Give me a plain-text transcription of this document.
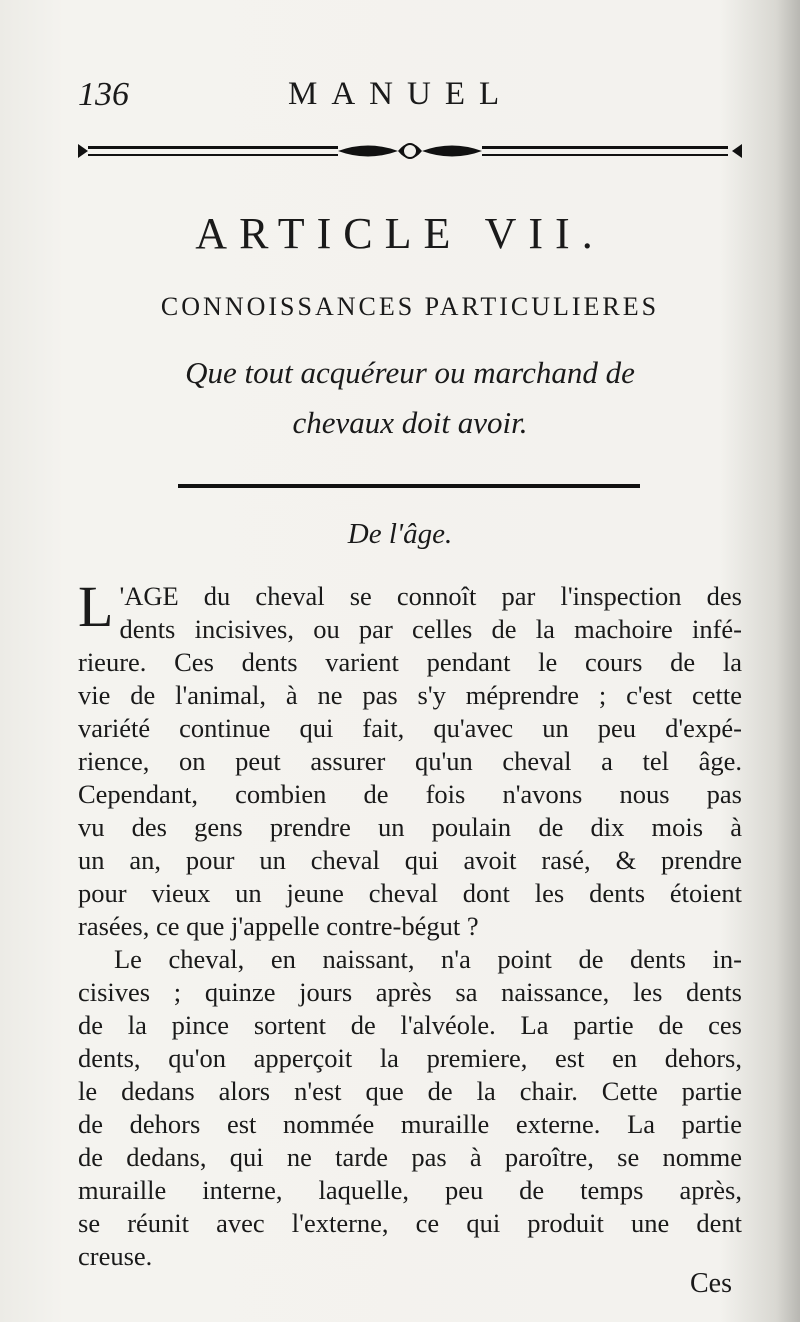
136	MANUEL
ARTICLE VII.
CONNOISSANCES PARTICULIERES
Que tout acquéreur ou marchand de
chevaux doit avoir.
De l'âge.
L 'AGE du cheval se connoît par l'inspection des
dents incisives, ou par celles de la machoire infé-
rieure. Ces dents varient pendant le cours de la
vie de l'animal, à ne pas s'y méprendre ; c'est cette
variété continue qui fait, qu'avec un peu d'expé-
rience, on peut assurer qu'un cheval a tel âge.
Cependant, combien de fois n'avons nous pas
vu des gens prendre un poulain de dix mois à
un an, pour un cheval qui avoit rasé, & prendre
pour vieux un jeune cheval dont les dents étoient
rasées, ce que j'appelle contre-bégut ?
Le cheval, en naissant, n'a point de dents in-
cisives ; quinze jours après sa naissance, les dents
de la pince sortent de l'alvéole. La partie de ces
dents, qu'on apperçoit la premiere, est en dehors,
le dedans alors n'est que de la chair. Cette partie
de dehors est nommée muraille externe. La partie
de dedans, qui ne tarde pas à paroître, se nomme
muraille interne, laquelle, peu de temps après,
se réunit avec l'externe, ce qui produit une dent
creuse.
Ces
